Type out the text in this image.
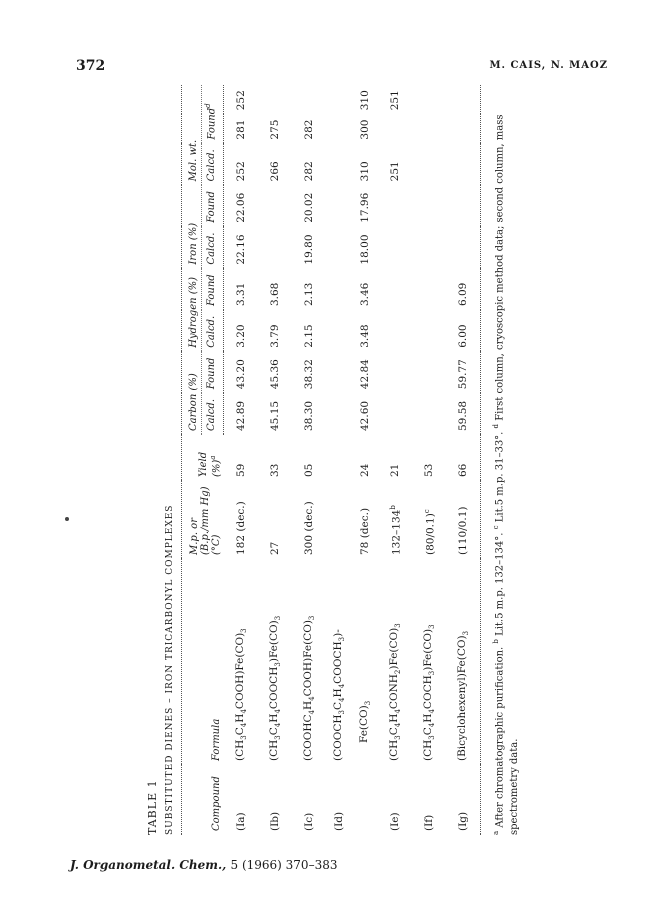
372	M. CAIS, N. MAOZ
TABLE 1 SUBSTITUTED DIENES – IRON TRICARBONYL COMPLEXES	Compound	Formula	M.p. or (B.p./mm Hg) (°C)	Yield (%)$^a$	Carbon (%)		Hydrogen (%)		Iron (%)		Mol. wt.		
				Calcd.	Found	Calcd.	Found	Calcd.	Found	Calcd.	Found$^d$
(Ia)	$(CH_3C_4H_4COOH)Fe(CO)_3$	182 (dec.)	59	42.89	43.20	3.20	3.31	22.16	22.06	252	281	252
(Ib)	$(CH_3C_4H_4COOCH_3)Fe(CO)_3$	27	33	45.15	45.36	3.79	3.68			266	275	
(Ic)	$(COOHC_4H_4COOH)Fe(CO)_3$	300 (dec.)	05	38.30	38.32	2.15	2.13	19.80	20.02	282	282	
(Id)	$(COOCH_3C_4H_4COOCH_3)-$											
	$Fe(CO)_3$	78 (dec.)	24	42.60	42.84	3.48	3.46	18.00	17.96	310	300	310
(Ie)	$(CH_3C_4H_4CONH_2)Fe(CO)_3$	132–134$^b$	21							251		251
(If)	$(CH_3C_4H_4COCH_3)Fe(CO)_3$	$(80/0.1)^c$	53									
(Ig)	$(Bicyclohexenyl)Fe(CO)_3$	(110/0.1)	66	59.58	59.77	6.00	6.09					
$^a$ After chromatographic purification. $^b$ Lit.5 m.p. 132–134°. $^c$ Lit.5 m.p. 31–33°. $^d$ First column, cryoscopic method data; second column, mass spectrometry data.
J. Organometal. Chem., 5 (1966) 370–383
